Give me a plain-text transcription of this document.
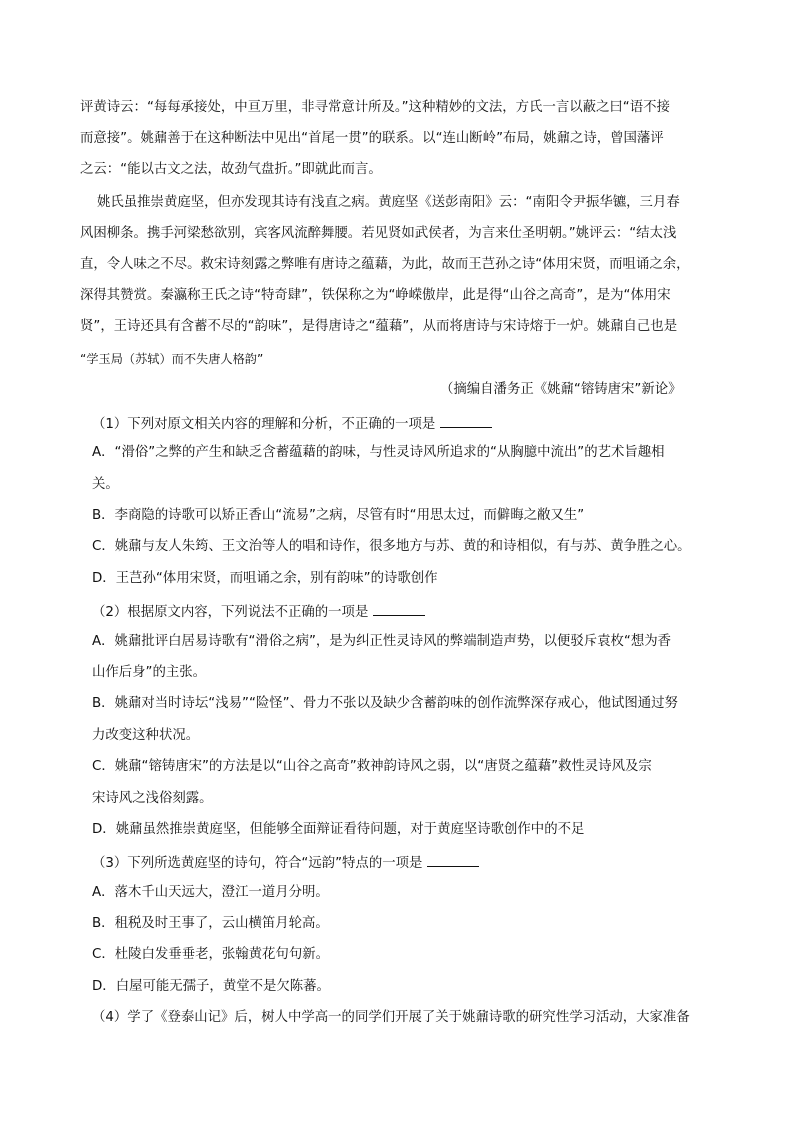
评黄诗云：“每每承接处，中亘万里，非寻常意计所及。”这种精妙的文法，方氏一言以蔽之曰“语不接
而意接”。姚鼐善于在这种断法中见出“首尾一贯”的联系。以“连山断岭”布局，姚鼐之诗，曾国藩评
之云：“能以古文之法，故劲气盘折。”即就此而言。
姚氏虽推崇黄庭坚，但亦发现其诗有浅直之病。黄庭坚《送彭南阳》云：“南阳令尹振华镳，三月春
风困柳条。携手河梁愁欲别，宾客风流醉舞腰。若见贤如武侯者，为言来仕圣明朝。”姚评云：“结太浅
直，令人味之不尽。救宋诗刻露之弊唯有唐诗之蕴藉，为此，故而王芑孙之诗“体用宋贤，而咀诵之余，
深得其赞赏。秦瀛称王氏之诗“特奇肆”，铁保称之为“峥嵘傲岸，此是得“山谷之高奇”，是为“体用宋
贤”，王诗还具有含蓄不尽的“韵味”，是得唐诗之“蕴藉”，从而将唐诗与宋诗熔于一炉。姚鼐自己也是
“学玉局（苏轼）而不失唐人格韵”
（摘编自潘务正《姚鼐“镕铸唐宋”新论》
（1）下列对原文相关内容的理解和分析，不正确的一项是
A．“滑俗”之弊的产生和缺乏含蓄蕴藉的韵味，与性灵诗风所追求的“从胸臆中流出”的艺术旨趣相
关。
B．李商隐的诗歌可以矫正香山“流易”之病，尽管有时“用思太过，而僻晦之敝又生”
C．姚鼐与友人朱筠、王文治等人的唱和诗作，很多地方与苏、黄的和诗相似，有与苏、黄争胜之心。
D．王芑孙“体用宋贤，而咀诵之余，别有韵味”的诗歌创作
（2）根据原文内容，下列说法不正确的一项是
A．姚鼐批评白居易诗歌有“滑俗之病”，是为纠正性灵诗风的弊端制造声势，以便驳斥袁枚“想为香
山作后身”的主张。
B．姚鼐对当时诗坛“浅易”“险怪”、骨力不张以及缺少含蓄韵味的创作流弊深存戒心，他试图通过努
力改变这种状况。
C．姚鼐“镕铸唐宋”的方法是以“山谷之高奇”救神韵诗风之弱，以“唐贤之蕴藉”救性灵诗风及宗
宋诗风之浅俗刻露。
D．姚鼐虽然推崇黄庭坚，但能够全面辩证看待问题，对于黄庭坚诗歌创作中的不足
（3）下列所选黄庭坚的诗句，符合“远韵”特点的一项是
A．落木千山天远大，澄江一道月分明。
B．租税及时王事了，云山横笛月轮高。
C．杜陵白发垂垂老，张翰黄花句句新。
D．白屋可能无孺子，黄堂不是欠陈蕃。
（4）学了《登泰山记》后，树人中学高一的同学们开展了关于姚鼐诗歌的研究性学习活动，大家准备
